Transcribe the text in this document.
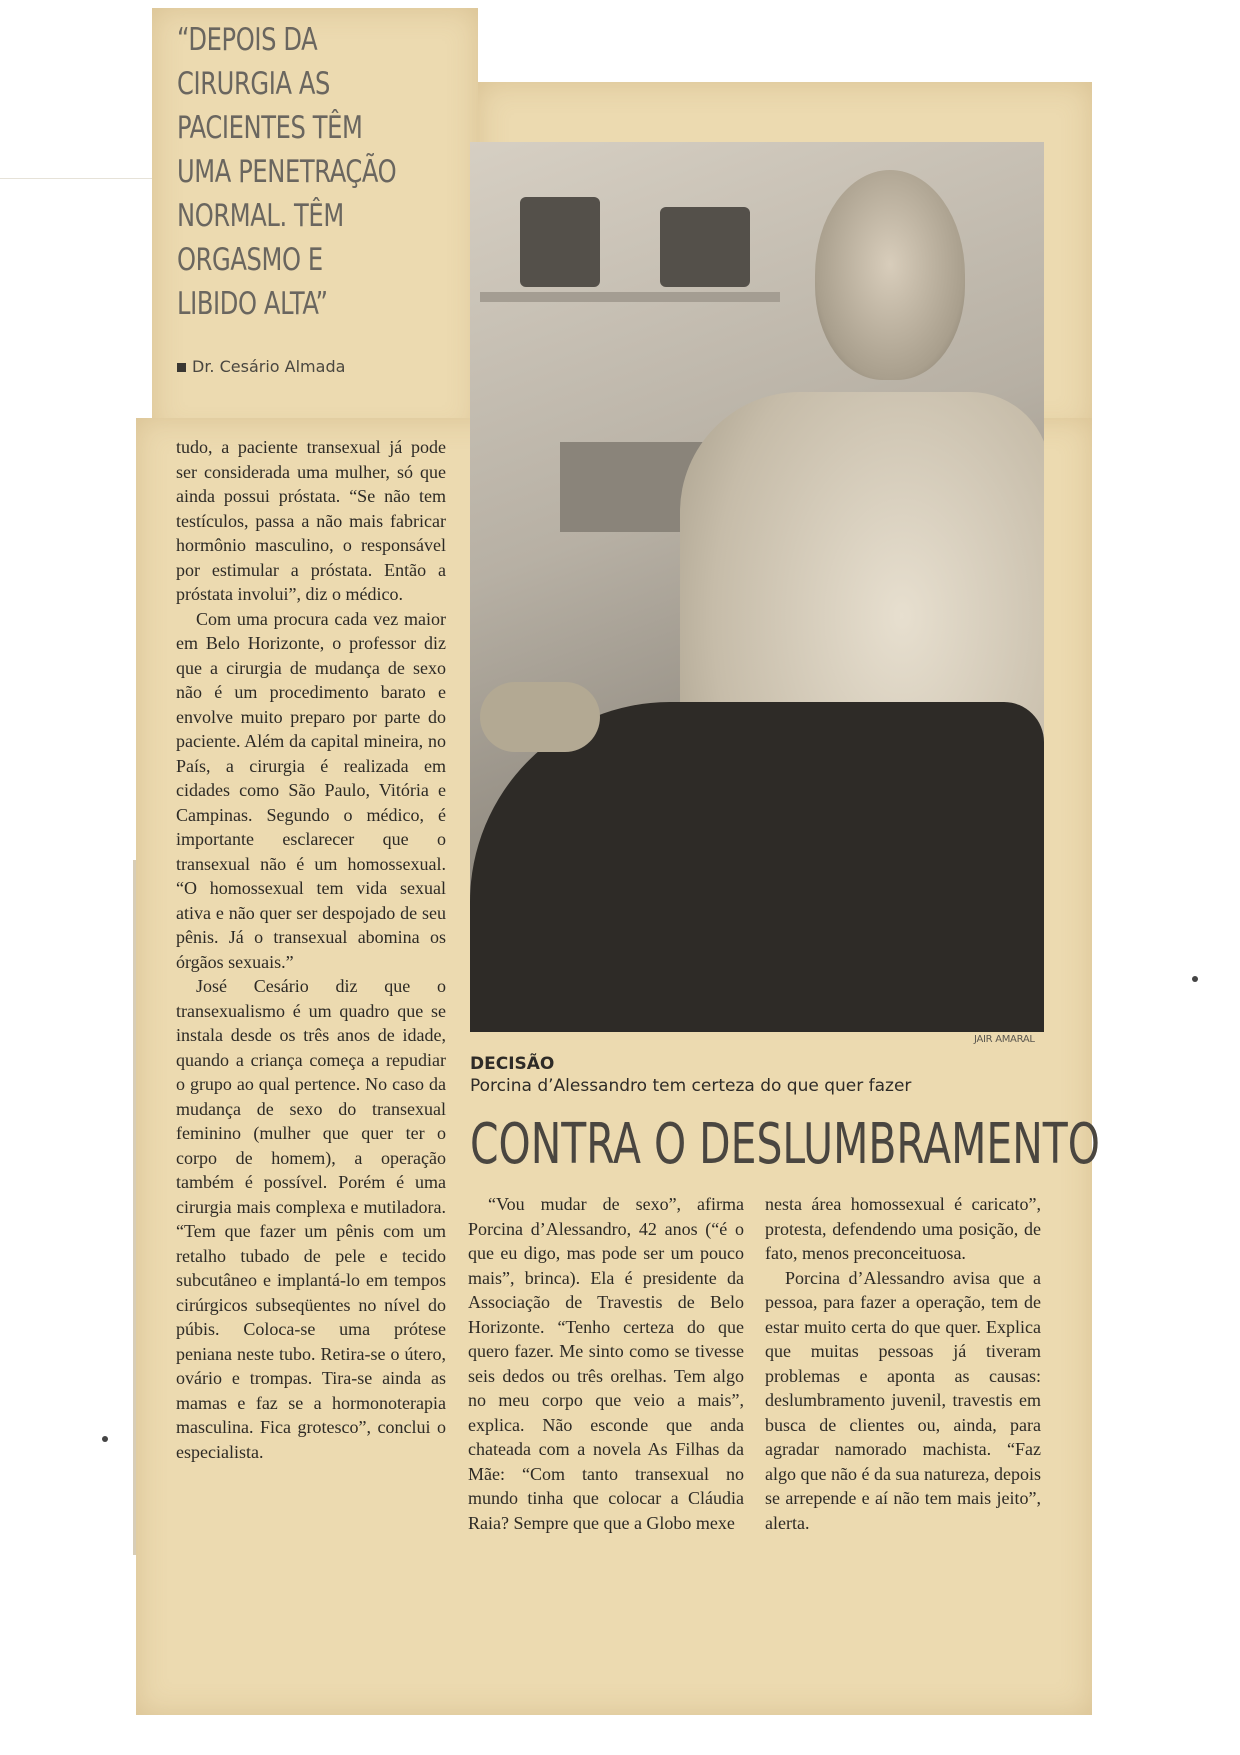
“DEPOIS DA CIRURGIA AS PACIENTES TÊM UMA PENETRAÇÃO NORMAL. TÊM ORGASMO E LIBIDO ALTA”

Dr. Cesário Almada

tudo, a paciente transexual já pode ser considerada uma mulher, só que ainda possui próstata. “Se não tem testículos, passa a não mais fabricar hormônio masculino, o responsável por estimular a próstata. Então a próstata involui”, diz o médico.

Com uma procura cada vez maior em Belo Horizonte, o professor diz que a cirurgia de mudança de sexo não é um procedimento barato e envolve muito preparo por parte do paciente. Além da capital mineira, no País, a cirurgia é realizada em cidades como São Paulo, Vitória e Campinas. Segundo o médico, é importante esclarecer que o transexual não é um homossexual. “O homossexual tem vida sexual ativa e não quer ser despojado de seu pênis. Já o transexual abomina os órgãos sexuais.”

José Cesário diz que o transexualismo é um quadro que se instala desde os três anos de idade, quando a criança começa a repudiar o grupo ao qual pertence. No caso da mudança de sexo do transexual feminino (mulher que quer ter o corpo de homem), a operação também é possível. Porém é uma cirurgia mais complexa e mutiladora. “Tem que fazer um pênis com um retalho tubado de pele e tecido subcutâneo e implantá-lo em tempos cirúrgicos subseqüentes no nível do púbis. Coloca-se uma prótese peniana neste tubo. Retira-se o útero, ovário e trompas. Tira-se ainda as mamas e faz se a hormonoterapia masculina. Fica grotesco”, conclui o especialista.

JAIR AMARAL
DECISÃO
Porcina d’Alessandro tem certeza do que quer fazer
CONTRA O DESLUMBRAMENTO

“Vou mudar de sexo”, afirma Porcina d’Alessandro, 42 anos (“é o que eu digo, mas pode ser um pouco mais”, brinca). Ela é presidente da Associação de Travestis de Belo Horizonte. “Tenho certeza do que quero fazer. Me sinto como se tivesse seis dedos ou três orelhas. Tem algo no meu corpo que veio a mais”, explica. Não esconde que anda chateada com a novela As Filhas da Mãe: “Com tanto transexual no mundo tinha que colocar a Cláudia Raia? Sempre que que a Globo mexe

nesta área homossexual é caricato”, protesta, defendendo uma posição, de fato, menos preconceituosa.

Porcina d’Alessandro avisa que a pessoa, para fazer a operação, tem de estar muito certa do que quer. Explica que muitas pessoas já tiveram problemas e aponta as causas: deslumbramento juvenil, travestis em busca de clientes ou, ainda, para agradar namorado machista. “Faz algo que não é da sua natureza, depois se arrepende e aí não tem mais jeito”, alerta.
